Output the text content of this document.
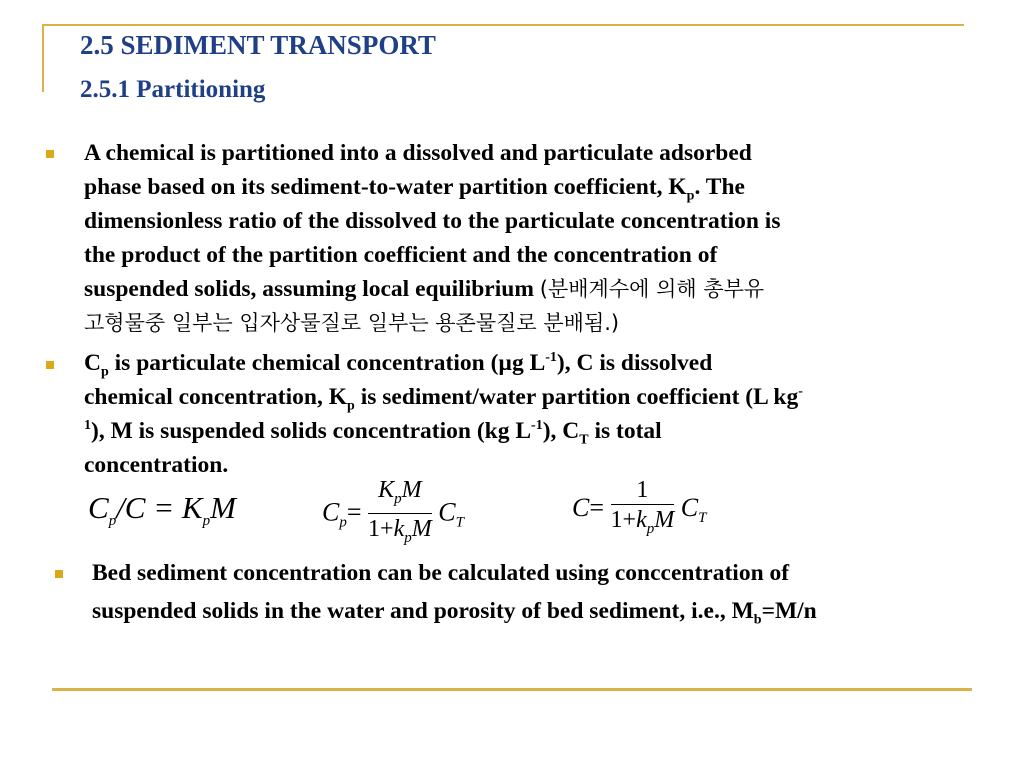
2.5 SEDIMENT TRANSPORT
2.5.1 Partitioning
A chemical is partitioned into a dissolved and particulate adsorbed
phase based on its sediment-to-water partition coefficient, $K_p$. The
dimensionless ratio of the dissolved to the particulate concentration is
the product of the partition coefficient and the concentration of
suspended solids, assuming local equilibrium (분배계수에 의해 총부유
고형물중 일부는 입자상물질로 일부는 용존물질로 분배됨.)
$C_p$ is particulate chemical concentration (µg $L^{-1}$), C is dissolved
chemical concentration, $K_p$ is sediment/water partition coefficient (L kg-
$^1$), M is suspended solids concentration (kg $L^{-1}$), $C_T$ is total
concentration.
$C_p/C = K_pM$	$C_p= \frac{K_pM}{1+k_pM} C_T$
$C= \frac{1}{1+k_pM} C_T$
Bed sediment concentration can be calculated using conccentration of
suspended solids in the water and porosity of bed sediment, i.e., $M_b=M/n$
